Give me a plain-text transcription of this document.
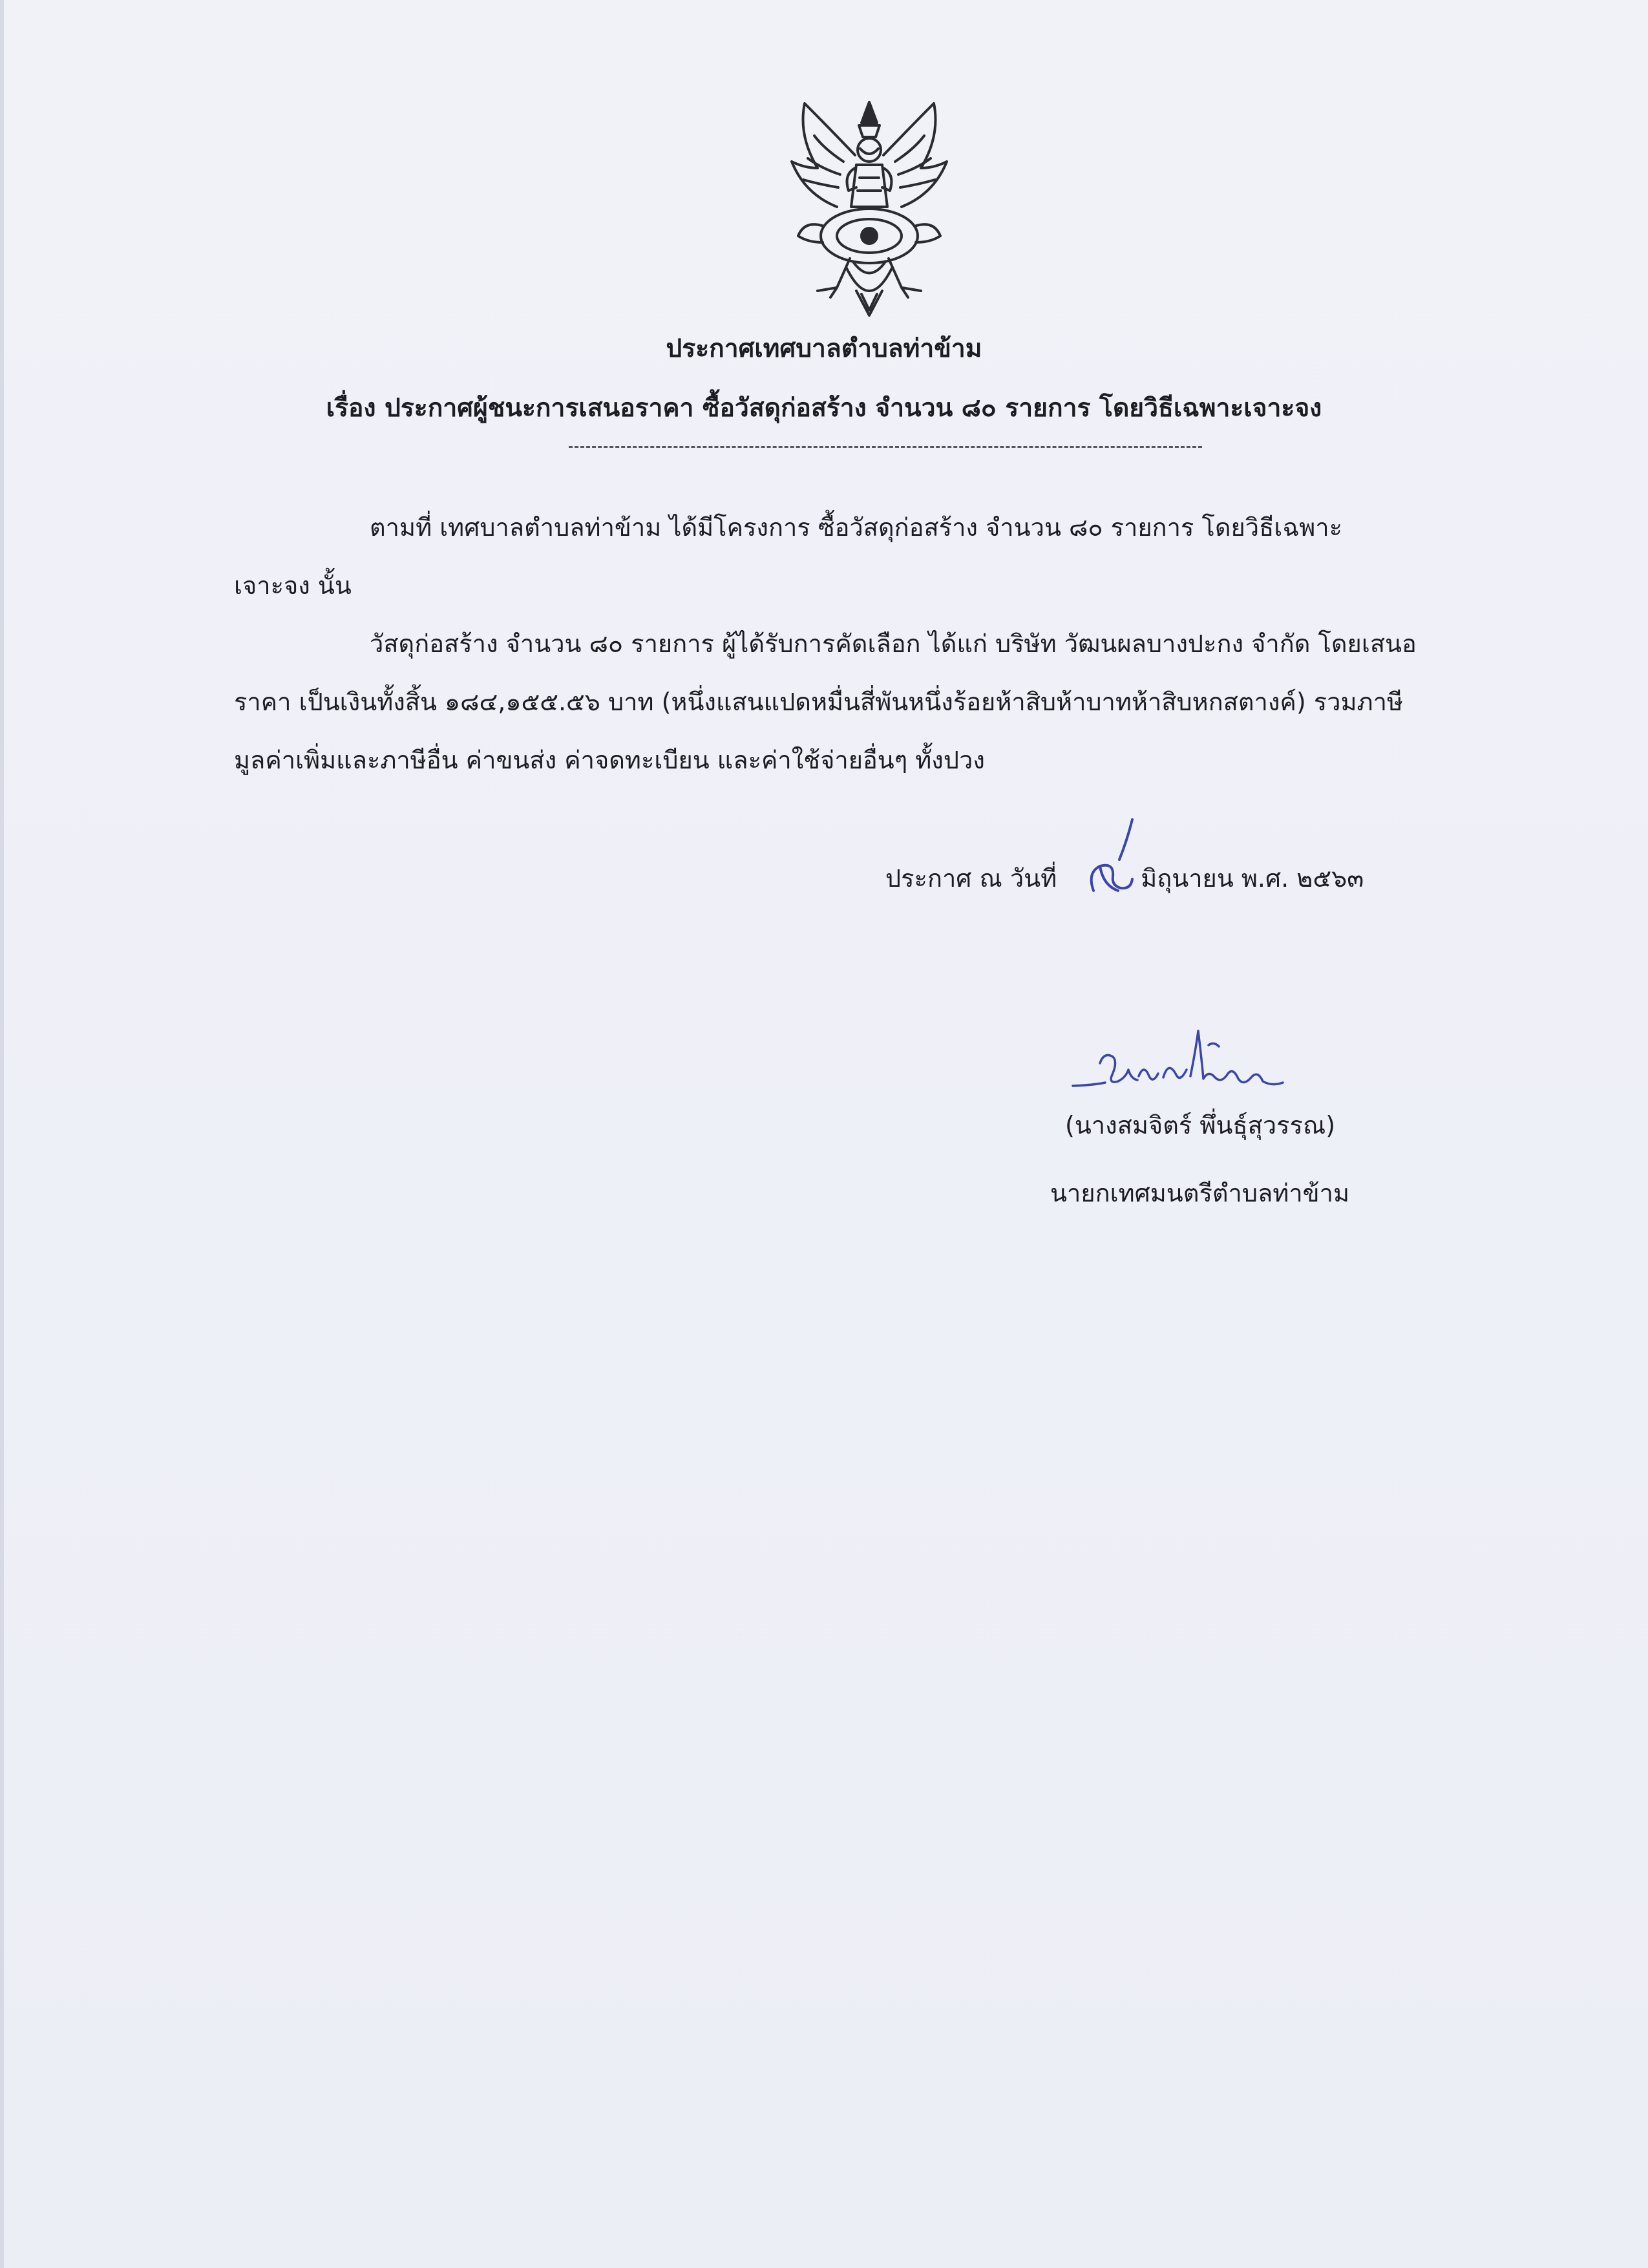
ประกาศเทศบาลตำบลท่าข้าม
เรื่อง ประกาศผู้ชนะการเสนอราคา ซื้อวัสดุก่อสร้าง จำนวน ๘๐ รายการ โดยวิธีเฉพาะเจาะจง
ตามที่ เทศบาลตำบลท่าข้าม ได้มีโครงการ ซื้อวัสดุก่อสร้าง จำนวน ๘๐ รายการ โดยวิธีเฉพาะ
เจาะจง นั้น
วัสดุก่อสร้าง จำนวน ๘๐ รายการ ผู้ได้รับการคัดเลือก ได้แก่ บริษัท วัฒนผลบางปะกง จำกัด โดยเสนอ
ราคา เป็นเงินทั้งสิ้น ๑๘๔,๑๕๕.๕๖ บาท (หนึ่งแสนแปดหมื่นสี่พันหนึ่งร้อยห้าสิบห้าบาทห้าสิบหกสตางค์) รวมภาษี
มูลค่าเพิ่มและภาษีอื่น ค่าขนส่ง ค่าจดทะเบียน และค่าใช้จ่ายอื่นๆ ทั้งปวง
ประกาศ ณ วันที่	มิถุนายน พ.ศ. ๒๕๖๓
(นางสมจิตร์ พึ่นธุ์สุวรรณ)
นายกเทศมนตรีตำบลท่าข้าม
